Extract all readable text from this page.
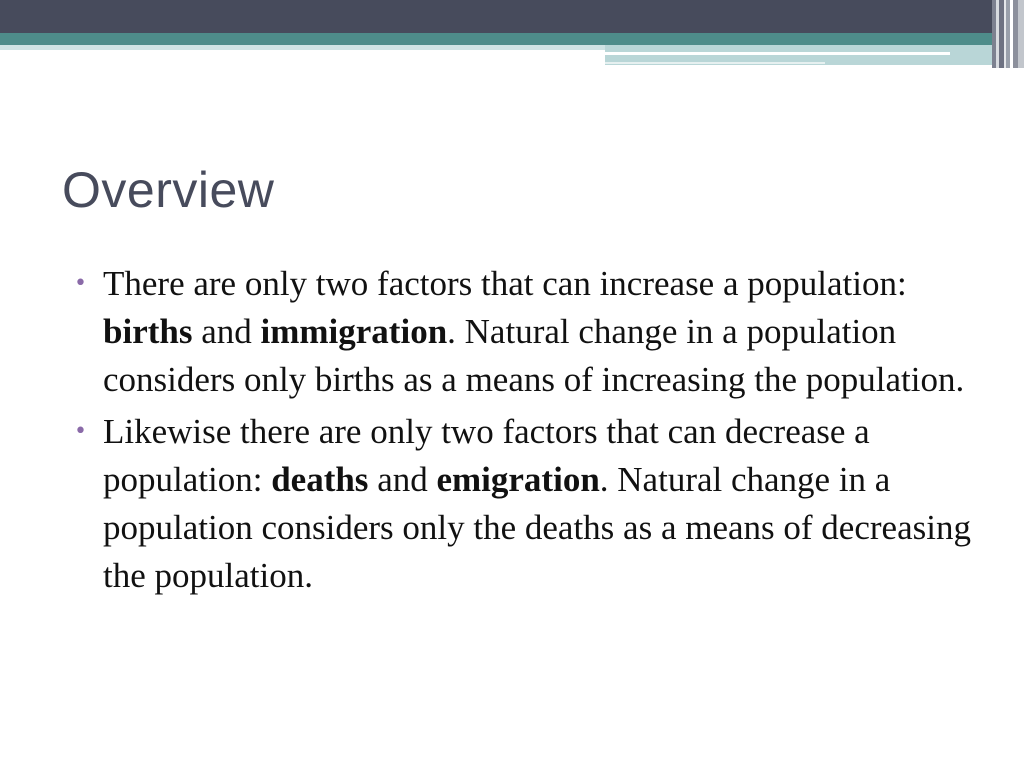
Overview
• There are only two factors that can increase a population: births and immigration. Natural change in a population considers only births as a means of increasing the population.
• Likewise there are only two factors that can decrease a population: deaths and emigration. Natural change in a population considers only the deaths as a means of decreasing the population.
